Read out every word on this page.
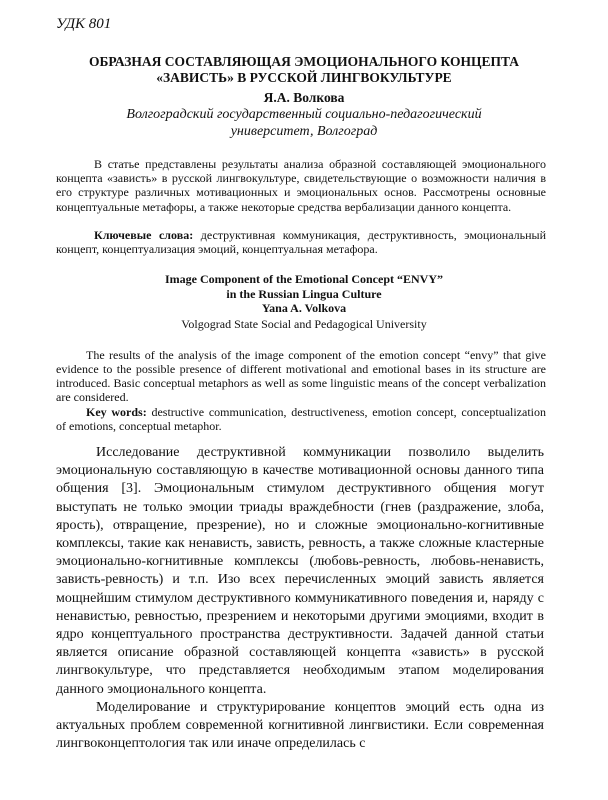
УДК 801
ОБРАЗНАЯ СОСТАВЛЯЮЩАЯ ЭМОЦИОНАЛЬНОГО КОНЦЕПТА
«ЗАВИСТЬ» В РУССКОЙ ЛИНГВОКУЛЬТУРЕ
Я.А. Волкова
Волгоградский государственный социально-педагогический
университет, Волгоград
В статье представлены результаты анализа образной составляющей эмоционального концепта «зависть» в русской лингвокультуре, свидетельствующие о возможности наличия в его структуре различных мотивационных и эмоциональных основ. Рассмотрены основные концептуальные метафоры, а также некоторые средства вербализации данного концепта.
Ключевые слова: деструктивная коммуникация, деструктивность, эмоциональный концепт, концептуализация эмоций, концептуальная метафора.
Image Component of the Emotional Concept “ENVY”
in the Russian Lingua Culture
Yana A. Volkova
Volgograd State Social and Pedagogical University
The results of the analysis of the image component of the emotion concept “envy” that give evidence to the possible presence of different motivational and emotional bases in its structure are introduced. Basic conceptual metaphors as well as some linguistic means of the concept verbalization are considered.
Key words: destructive communication, destructiveness, emotion concept, conceptualization of emotions, conceptual metaphor.

Исследование деструктивной коммуникации позволило выделить эмоциональную составляющую в качестве мотивационной основы данного типа общения [3]. Эмоциональным стимулом деструктивного общения могут выступать не только эмоции триады враждебности (гнев (раздражение, злоба, ярость), отвращение, презрение), но и сложные эмоционально-когнитивные комплексы, такие как ненависть, зависть, ревность, а также сложные кластерные эмоционально-когнитивные комплексы (любовь-ревность, любовь-ненависть, зависть-ревность) и т.п. Изо всех перечисленных эмоций зависть является мощнейшим стимулом деструктивного коммуникативного поведения и, наряду с ненавистью, ревностью, презрением и некоторыми другими эмоциями, входит в ядро концептуального пространства деструктивности. Задачей данной статьи является описание образной составляющей концепта «зависть» в русской лингвокультуре, что представляется необходимым этапом моделирования данного эмоционального концепта.

Моделирование и структурирование концептов эмоций есть одна из актуальных проблем современной когнитивной лингвистики. Если современная лингвоконцептология так или иначе определилась с
